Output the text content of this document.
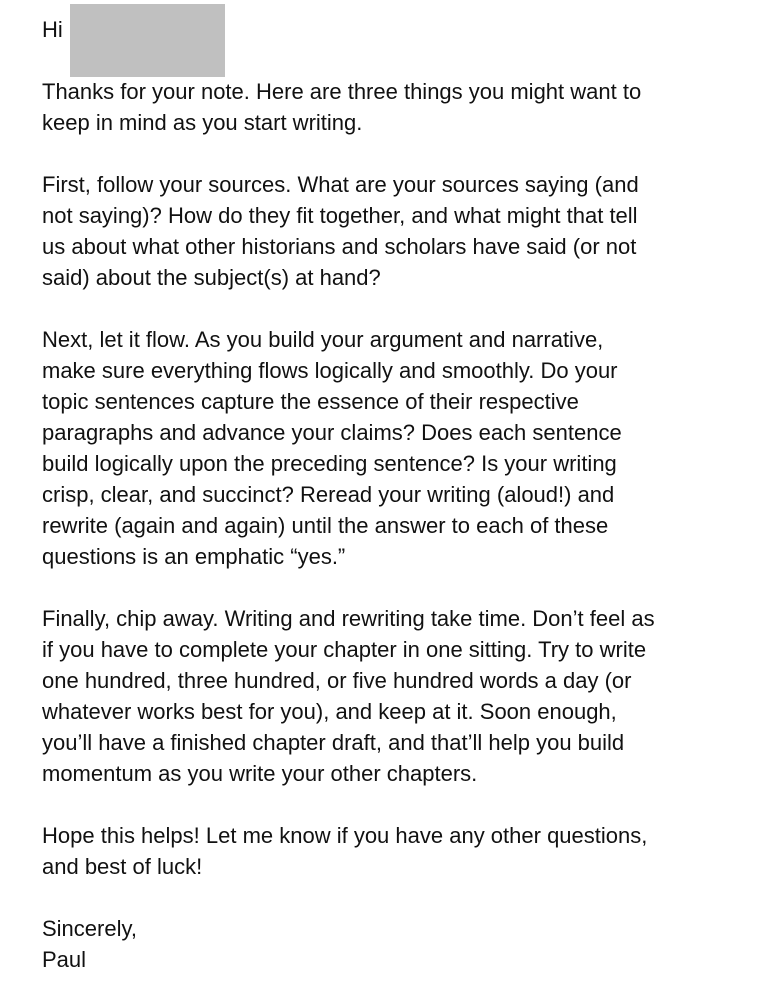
Hi

Thanks for your note. Here are three things you might want to
keep in mind as you start writing.

First, follow your sources. What are your sources saying (and
not saying)? How do they fit together, and what might that tell
us about what other historians and scholars have said (or not
said) about the subject(s) at hand?

Next, let it flow. As you build your argument and narrative,
make sure everything flows logically and smoothly. Do your
topic sentences capture the essence of their respective
paragraphs and advance your claims? Does each sentence
build logically upon the preceding sentence? Is your writing
crisp, clear, and succinct? Reread your writing (aloud!) and
rewrite (again and again) until the answer to each of these
questions is an emphatic “yes.”

Finally, chip away. Writing and rewriting take time. Don’t feel as
if you have to complete your chapter in one sitting. Try to write
one hundred, three hundred, or five hundred words a day (or
whatever works best for you), and keep at it. Soon enough,
you’ll have a finished chapter draft, and that’ll help you build
momentum as you write your other chapters.

Hope this helps! Let me know if you have any other questions,
and best of luck!

Sincerely,
Paul
